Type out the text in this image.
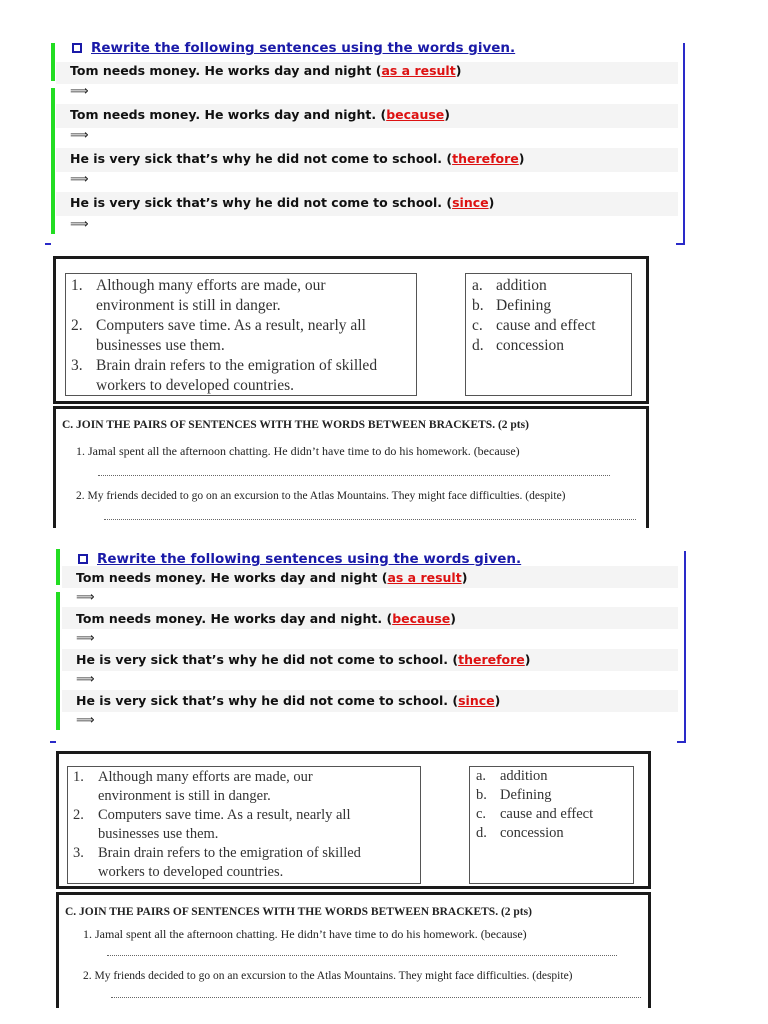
Rewrite the following sentences using the words given.
Tom needs money. He works day and night (as a result)
⟹
Tom needs money. He works day and night. (because)
⟹
He is very sick that’s why he did not come to school. (therefore)
⟹
He is very sick that’s why he did not come to school. (since)
⟹
1. Although many efforts are made, our
environment is still in danger.
2. Computers save time. As a result, nearly all
businesses use them.
3. Brain drain refers to the emigration of skilled
workers to developed countries.
a. addition
b. Defining
c. cause and effect
d. concession
C. JOIN THE PAIRS OF SENTENCES WITH THE WORDS BETWEEN BRACKETS. (2 pts)
1. Jamal spent all the afternoon chatting. He didn’t have time to do his homework. (because)
2. My friends decided to go on an excursion to the Atlas Mountains. They might face difficulties. (despite)
Rewrite the following sentences using the words given.
Tom needs money. He works day and night (as a result)
⟹
Tom needs money. He works day and night. (because)
⟹
He is very sick that’s why he did not come to school. (therefore)
⟹
He is very sick that’s why he did not come to school. (since)
⟹
1. Although many efforts are made, our
environment is still in danger.
2. Computers save time. As a result, nearly all
businesses use them.
3. Brain drain refers to the emigration of skilled
workers to developed countries.
a. addition
b. Defining
c. cause and effect
d. concession
C. JOIN THE PAIRS OF SENTENCES WITH THE WORDS BETWEEN BRACKETS. (2 pts)
1. Jamal spent all the afternoon chatting. He didn’t have time to do his homework. (because)
2. My friends decided to go on an excursion to the Atlas Mountains. They might face difficulties. (despite)
